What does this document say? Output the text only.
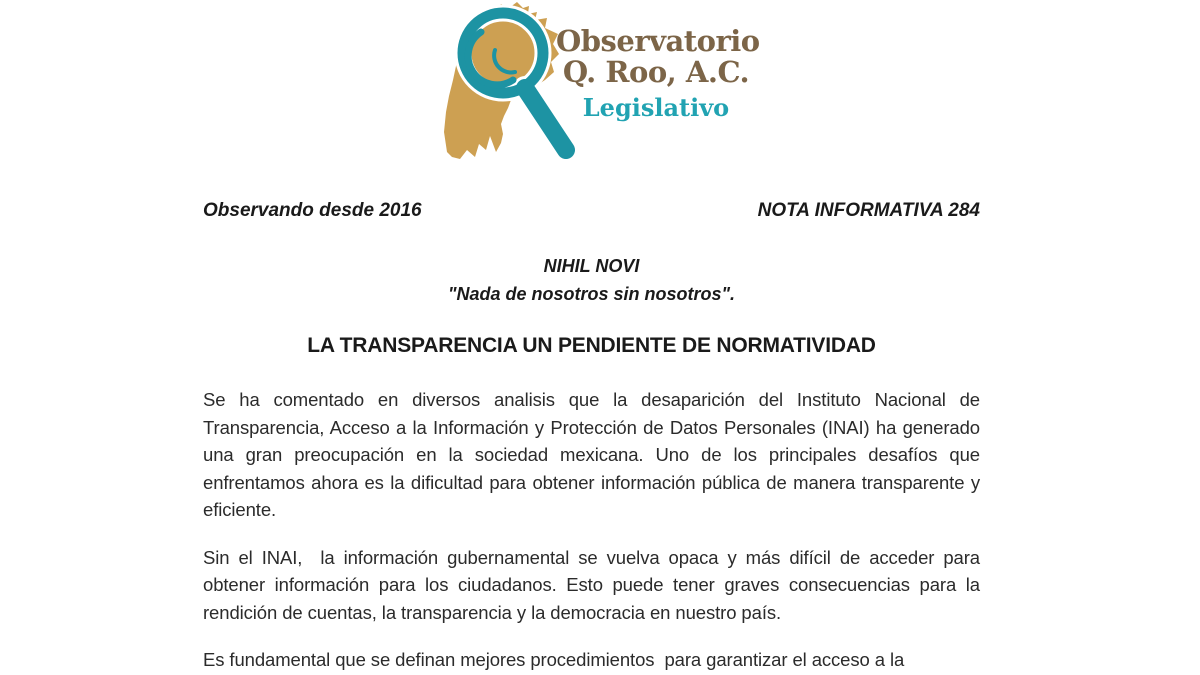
Observatorio
Q. Roo, A.C.
Legislativo
Observando desde 2016	NOTA INFORMATIVA 284
NIHIL NOVI
"Nada de nosotros sin nosotros".
LA TRANSPARENCIA UN PENDIENTE DE NORMATIVIDAD

Se ha comentado en diversos analisis que la desaparición del Instituto Nacional de Transparencia, Acceso a la Información y Protección de Datos Personales (INAI) ha generado una gran preocupación en la sociedad mexicana. Uno de los principales desafíos que enfrentamos ahora es la dificultad para obtener información pública de manera transparente y eficiente.

Sin el INAI,  la información gubernamental se vuelva opaca y más difícil de acceder para obtener información para los ciudadanos. Esto puede tener graves consecuencias para la rendición de cuentas, la transparencia y la democracia en nuestro país.

Es fundamental que se definan mejores procedimientos  para garantizar el acceso a la
